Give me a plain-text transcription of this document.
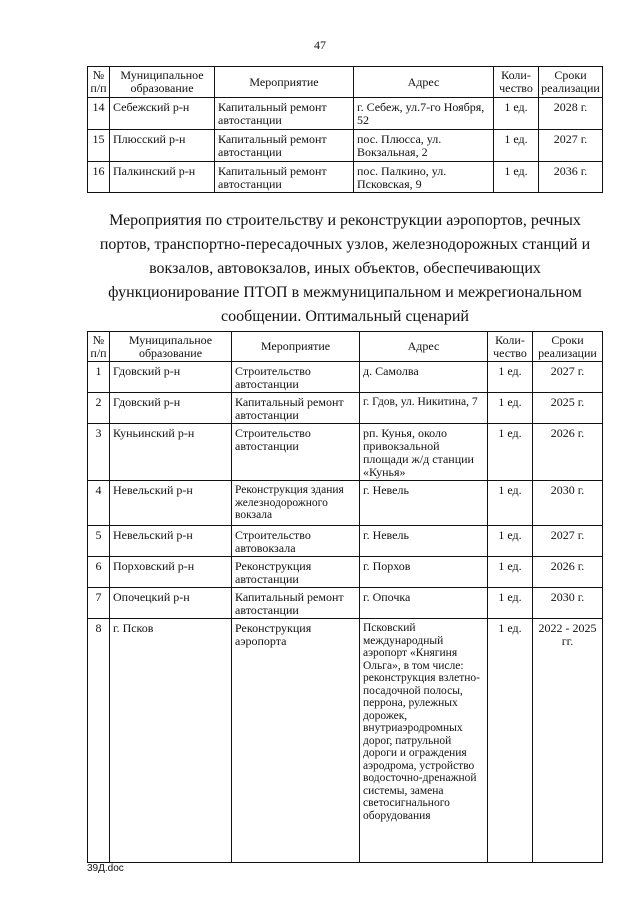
47
№ п/п	Муниципальное образование	Мероприятие	Адрес	Коли-чество	Сроки реализации
14	Себежский р-н	Капитальный ремонт автостанции	г. Себеж, ул.7-го Ноября, 52	1 ед.	2028 г.
15	Плюсский р-н	Капитальный ремонт автостанции	пос. Плюсса, ул. Вокзальная, 2	1 ед.	2027 г.
16	Палкинский р-н	Капитальный ремонт автостанции	пос. Палкино, ул. Псковская, 9	1 ед.	2036 г.
Мероприятия по строительству и реконструкции аэропортов, речных портов, транспортно-пересадочных узлов, железнодорожных станций и вокзалов, автовокзалов, иных объектов, обеспечивающих функционирование ПТОП в межмуниципальном и межрегиональном сообщении. Оптимальный сценарий
№ п/п	Муниципальное образование	Мероприятие	Адрес	Коли-чество	Сроки реализации
1	Гдовский р-н	Строительство автостанции	д. Самолва	1 ед.	2027 г.
2	Гдовский р-н	Капитальный ремонт автостанции	г. Гдов, ул. Никитина, 7	1 ед.	2025 г.
3	Куньинский р-н	Строительство автостанции	рп. Кунья, около привокзальной площади ж/д станции «Кунья»	1 ед.	2026 г.
4	Невельский р-н	Реконструкция здания железнодорожного вокзала	г. Невель	1 ед.	2030 г.
5	Невельский р-н	Строительство автовокзала	г. Невель	1 ед.	2027 г.
6	Порховский р-н	Реконструкция автостанции	г. Порхов	1 ед.	2026 г.
7	Опочецкий р-н	Капитальный ремонт автостанции	г. Опочка	1 ед.	2030 г.
8	г. Псков	Реконструкция аэропорта	Псковский международный аэропорт «Княгиня Ольга», в том числе: реконструкция взлетно-посадочной полосы, перрона, рулежных дорожек, внутриаэродромных дорог, патрульной дороги и ограждения аэродрома, устройство водосточно-дренажной системы, замена светосигнального оборудования	1 ед.	2022 - 2025 гг.
39Д.doc
